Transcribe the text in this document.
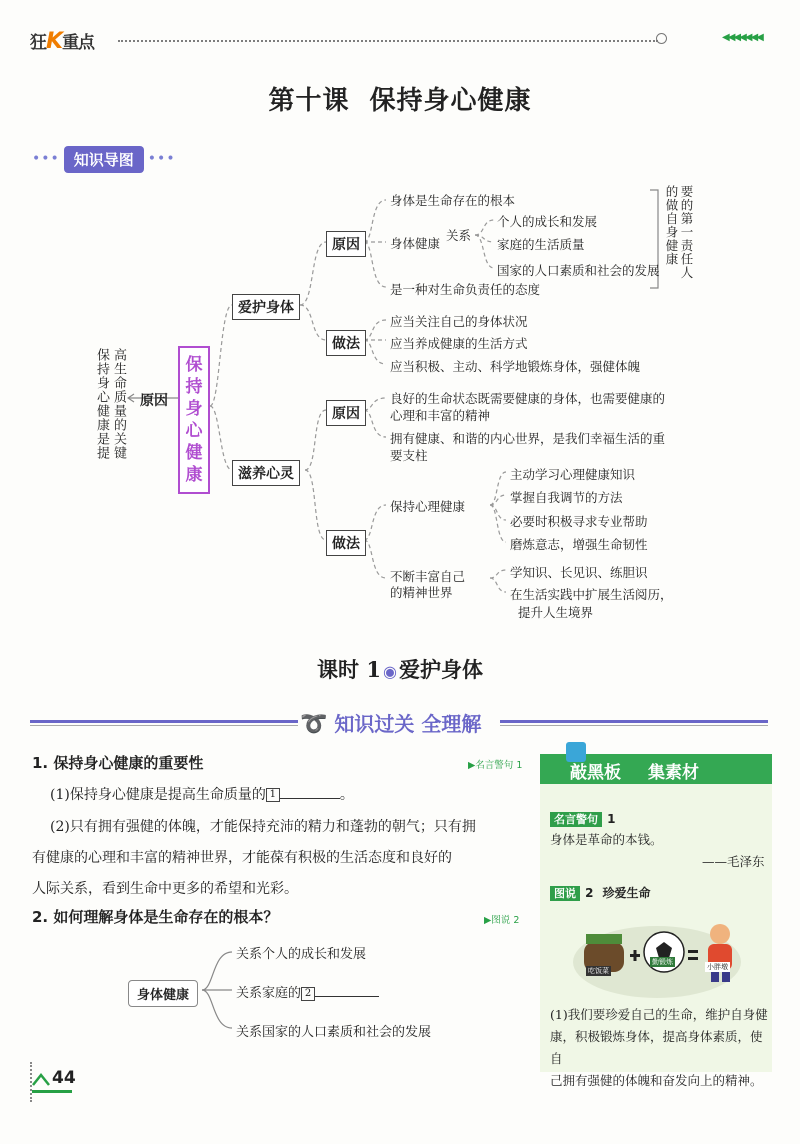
狂K重点	◀◀◀◀◀◀◀
第十课 保持身心健康
••• 知识导图	•••
高生命质量的关键
保持身心健康是提 原因
保持身心健康
爱护身体
滋养心灵
原因
做法
原因
做法
身体是生命存在的根本
身体健康
关系
个人的成长和发展
家庭的生活质量
国家的人口素质和社会的发展
是一种对生命负责任的态度
要的第一责任人
的做自身健康
应当关注自己的身体状况
应当养成健康的生活方式
应当积极、主动、科学地锻炼身体，强健体魄
良好的生命状态既需要健康的身体，也需要健康的
心理和丰富的精神
拥有健康、和谐的内心世界，是我们幸福生活的重
要支柱
保持心理健康
主动学习心理健康知识
掌握自我调节的方法
必要时积极寻求专业帮助
磨炼意志，增强生命韧性
不断丰富自己
的精神世界
学知识、长见识、练胆识
在生活实践中扩展生活阅历，
提升人生境界
课时 1 ◉爱护身体
➰ 知识过关 全理解
1. 保持身心健康的重要性	▶名言警句 1
(1)保持身心健康是提高生命质量的 1	。
(2)只有拥有强健的体魄，才能保持充沛的精力和蓬勃的朝气；只有拥
有健康的心理和丰富的精神世界，才能葆有积极的生活态度和良好的
人际关系，看到生命中更多的希望和光彩。
2. 如何理解身体是生命存在的根本？	▶图说 2
身体健康
关系个人的成长和发展
关系家庭的 2
关系国家的人口素质和社会的发展
敲黑板 集素材
名言警句 1
身体是革命的本钱。
——毛泽东
图说 2 珍爱生命
吃饭菜
勤锻炼
小胖墩
(1)我们要珍爱自己的生命，维护自身健
康，积极锻炼身体，提高身体素质，使自
己拥有强健的体魄和奋发向上的精神。
44
